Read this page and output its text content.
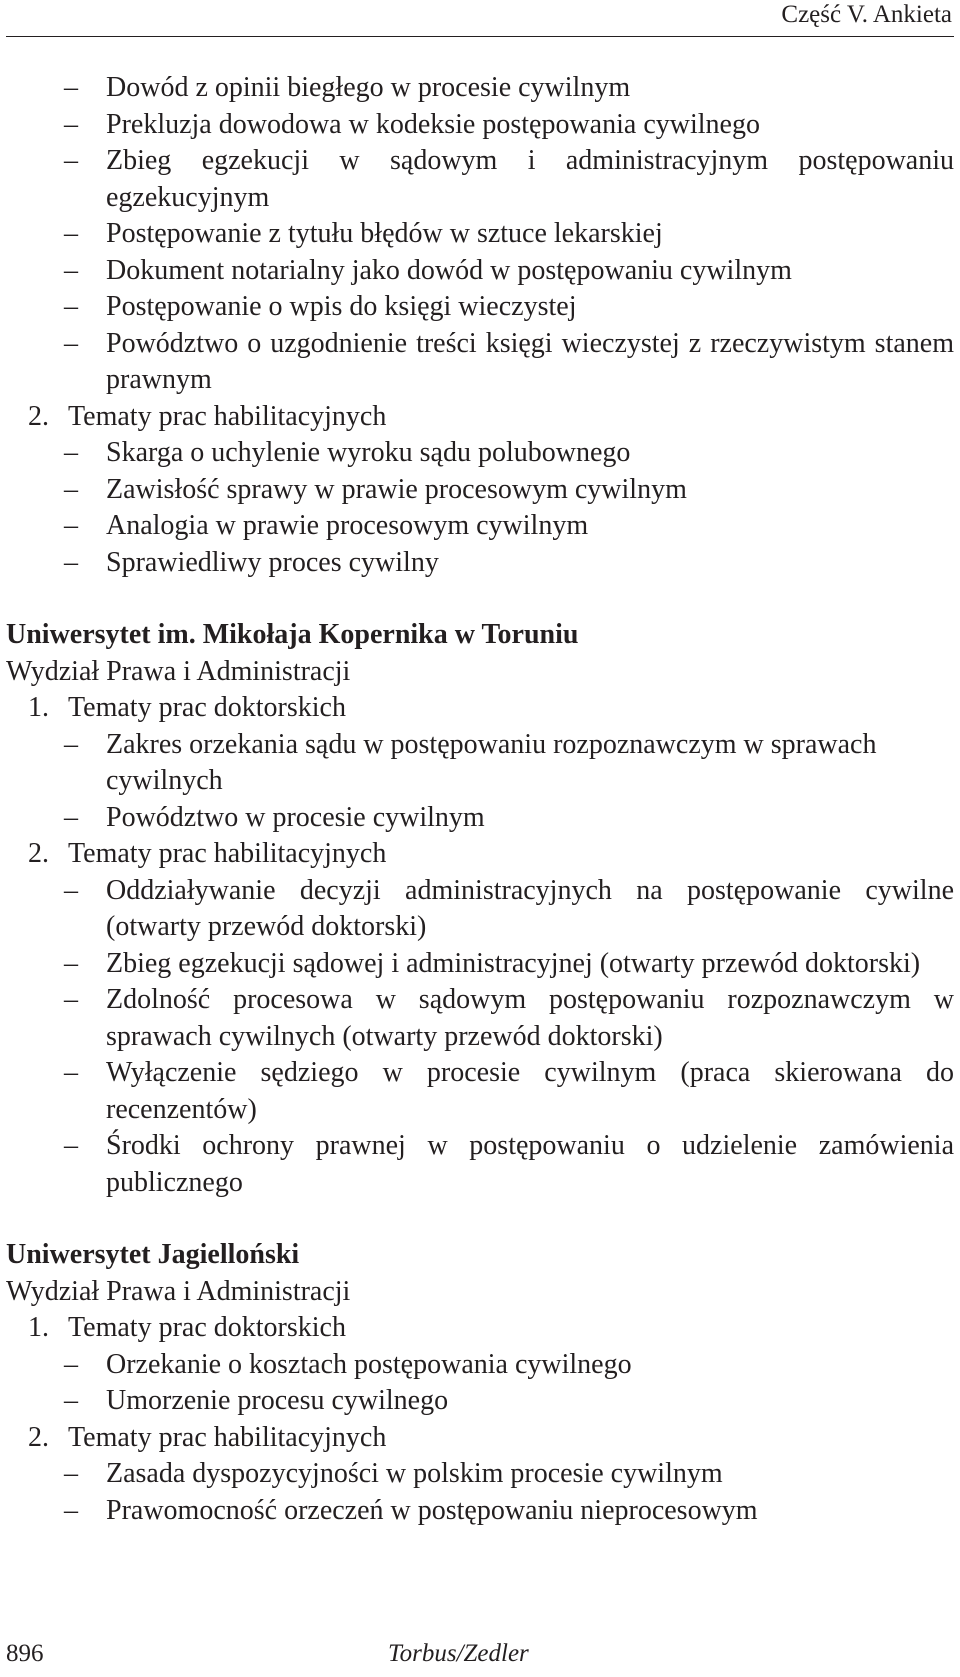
Część V. Ankieta
–	Dowód z opinii biegłego w procesie cywilnym
–	Prekluzja dowodowa w kodeksie postępowania cywilnego
–	Zbieg egzekucji w sądowym i administracyjnym postępowaniu egzekucyjnym
–	Postępowanie z tytułu błędów w sztuce lekarskiej
–	Dokument notarialny jako dowód w postępowaniu cywilnym
–	Postępowanie o wpis do księgi wieczystej
–	Powództwo o uzgodnienie treści księgi wieczystej z rzeczywistym stanem prawnym
2. Tematy prac habilitacyjnych
–	Skarga o uchylenie wyroku sądu polubownego
–	Zawisłość sprawy w prawie procesowym cywilnym
–	Analogia w prawie procesowym cywilnym
–	Sprawiedliwy proces cywilny
Uniwersytet im. Mikołaja Kopernika w Toruniu
Wydział Prawa i Administracji
1. Tematy prac doktorskich
–	Zakres orzekania sądu w postępowaniu rozpoznawczym w sprawach cywilnych
–	Powództwo w procesie cywilnym
2. Tematy prac habilitacyjnych
–	Oddziaływanie decyzji administracyjnych na postępowanie cywilne (otwarty przewód doktorski)
–	Zbieg egzekucji sądowej i administracyjnej (otwarty przewód doktorski)
–	Zdolność procesowa w sądowym postępowaniu rozpoznawczym w sprawach cywilnych (otwarty przewód doktorski)
–	Wyłączenie sędziego w procesie cywilnym (praca skierowana do recenzentów)
–	Środki ochrony prawnej w postępowaniu o udzielenie zamówienia publicznego
Uniwersytet Jagielloński
Wydział Prawa i Administracji
1. Tematy prac doktorskich
–	Orzekanie o kosztach postępowania cywilnego
–	Umorzenie procesu cywilnego
2. Tematy prac habilitacyjnych
–	Zasada dyspozycyjności w polskim procesie cywilnym
–	Prawomocność orzeczeń w postępowaniu nieprocesowym
896	Torbus/Zedler
